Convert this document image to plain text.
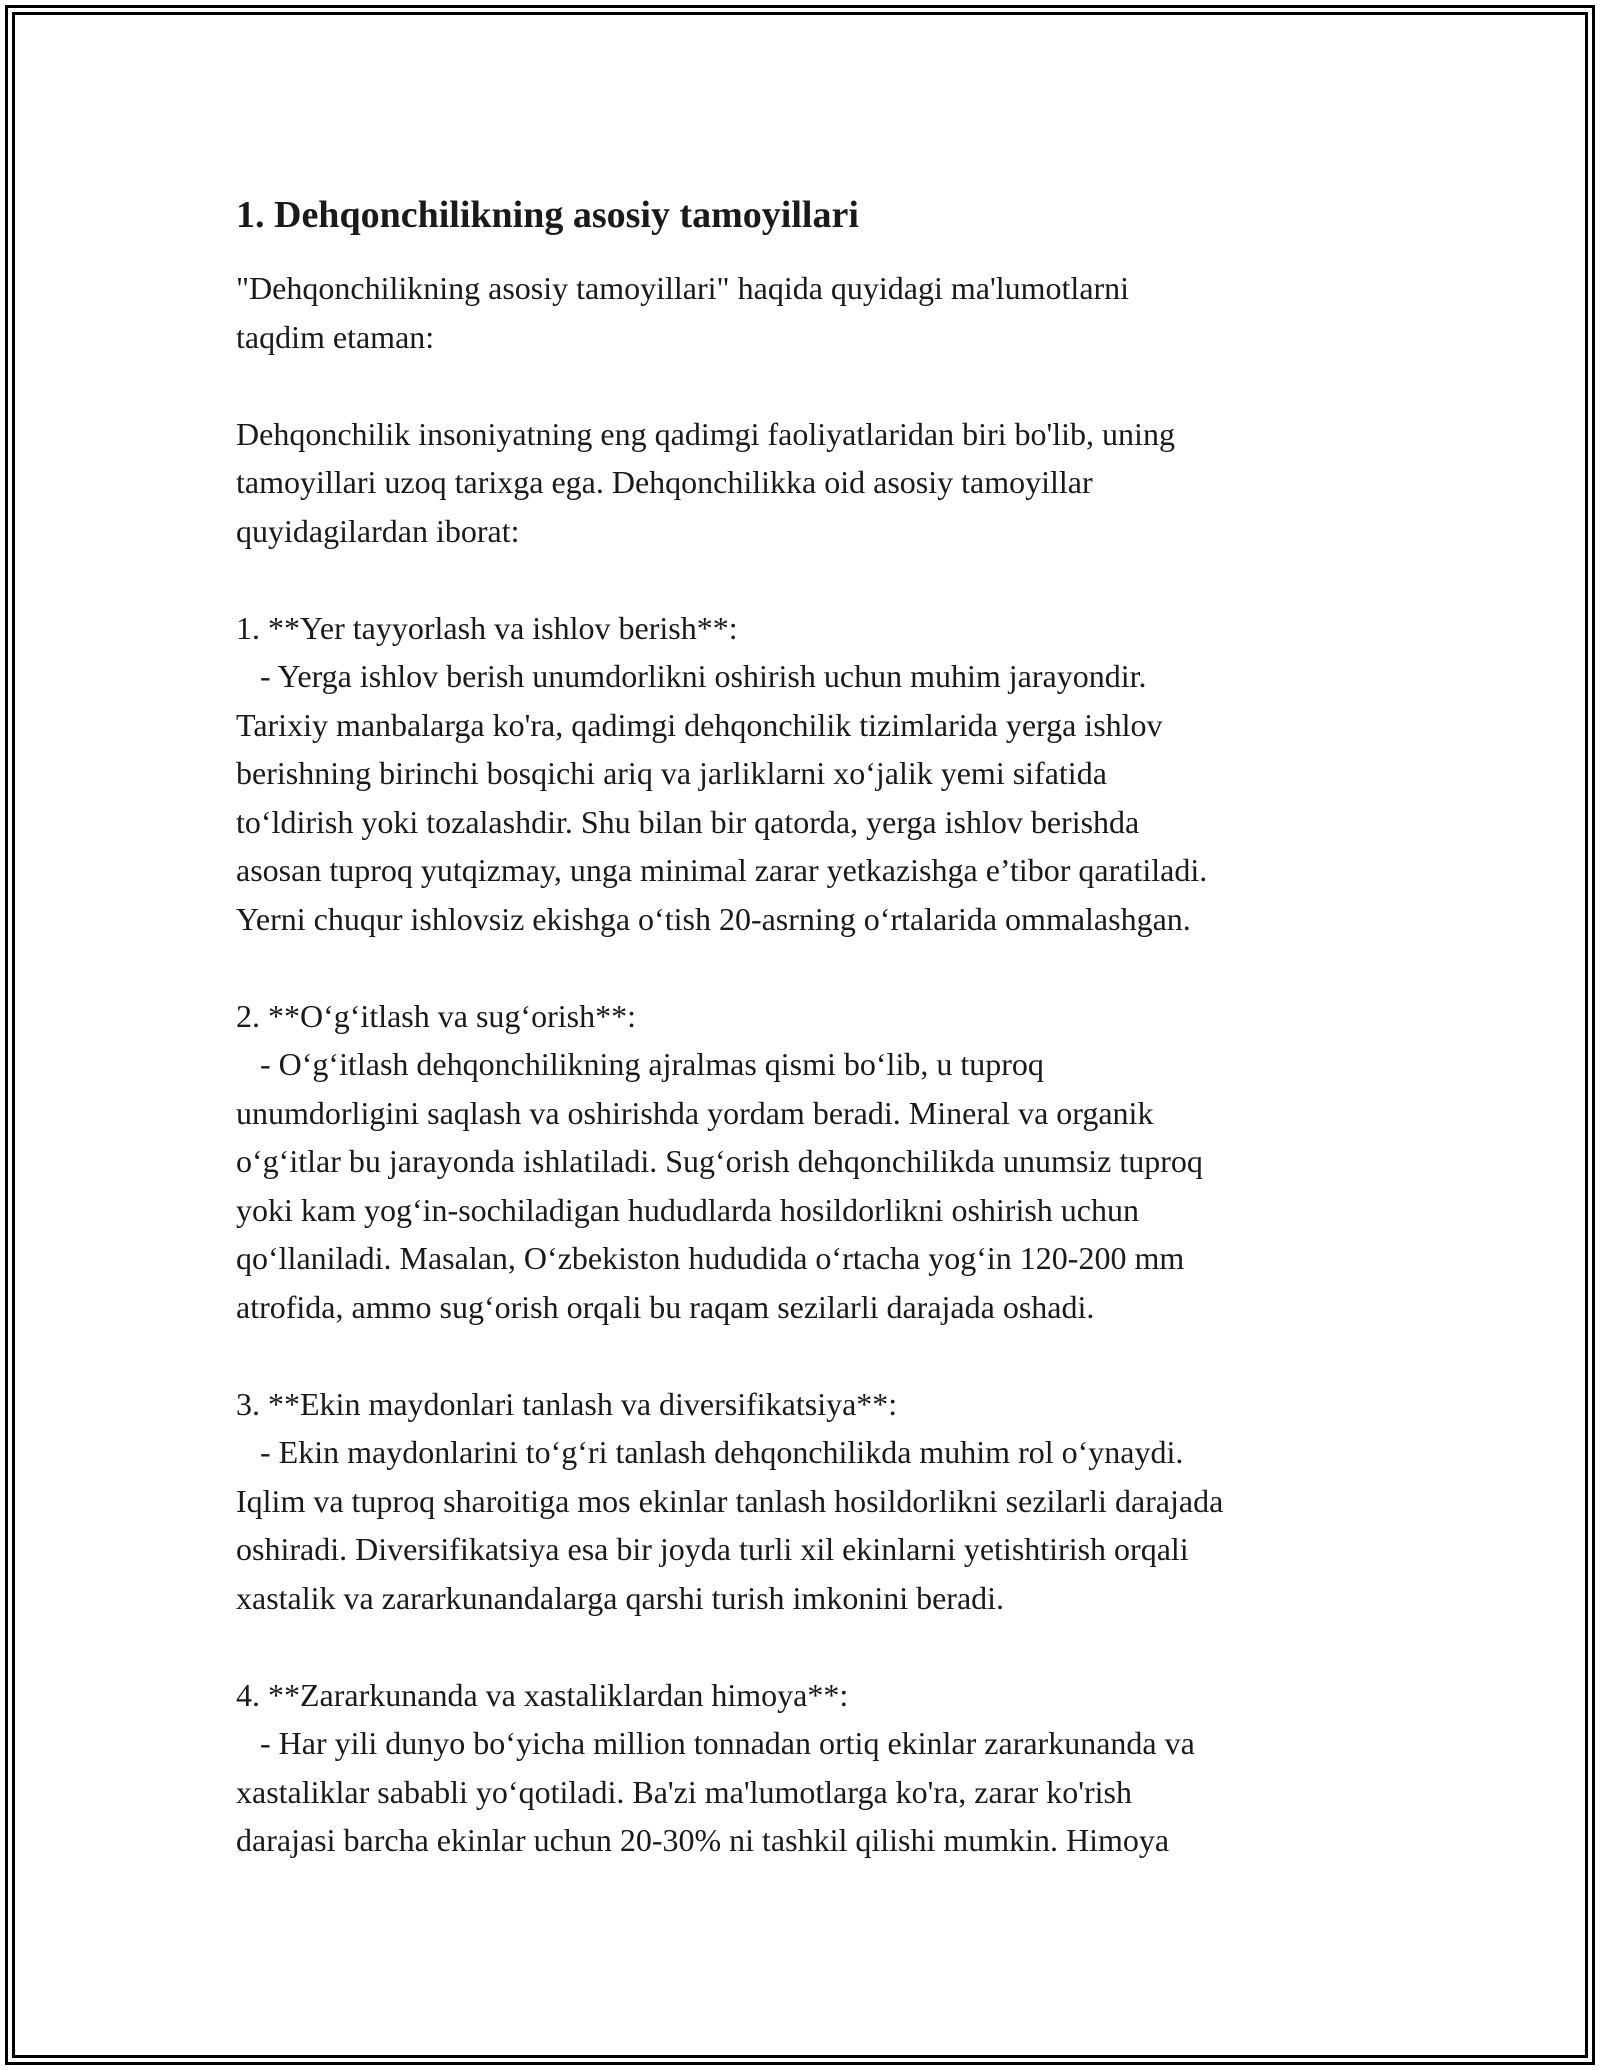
1. Dehqonchilikning asosiy tamoyillari
"Dehqonchilikning asosiy tamoyillari" haqida quyidagi ma'lumotlarni
taqdim etaman:
Dehqonchilik insoniyatning eng qadimgi faoliyatlaridan biri bo'lib, uning
tamoyillari uzoq tarixga ega. Dehqonchilikka oid asosiy tamoyillar
quyidagilardan iborat:
1. **Yer tayyorlash va ishlov berish**:
- Yerga ishlov berish unumdorlikni oshirish uchun muhim jarayondir.
Tarixiy manbalarga ko'ra, qadimgi dehqonchilik tizimlarida yerga ishlov
berishning birinchi bosqichi ariq va jarliklarni xo‘jalik yemi sifatida
to‘ldirish yoki tozalashdir. Shu bilan bir qatorda, yerga ishlov berishda
asosan tuproq yutqizmay, unga minimal zarar yetkazishga e’tibor qaratiladi.
Yerni chuqur ishlovsiz ekishga o‘tish 20-asrning o‘rtalarida ommalashgan.
2. **O‘g‘itlash va sug‘orish**:
- O‘g‘itlash dehqonchilikning ajralmas qismi bo‘lib, u tuproq
unumdorligini saqlash va oshirishda yordam beradi. Mineral va organik
o‘g‘itlar bu jarayonda ishlatiladi. Sug‘orish dehqonchilikda unumsiz tuproq
yoki kam yog‘in-sochiladigan hududlarda hosildorlikni oshirish uchun
qo‘llaniladi. Masalan, O‘zbekiston hududida o‘rtacha yog‘in 120-200 mm
atrofida, ammo sug‘orish orqali bu raqam sezilarli darajada oshadi.
3. **Ekin maydonlari tanlash va diversifikatsiya**:
- Ekin maydonlarini to‘g‘ri tanlash dehqonchilikda muhim rol o‘ynaydi.
Iqlim va tuproq sharoitiga mos ekinlar tanlash hosildorlikni sezilarli darajada
oshiradi. Diversifikatsiya esa bir joyda turli xil ekinlarni yetishtirish orqali
xastalik va zararkunandalarga qarshi turish imkonini beradi.
4. **Zararkunanda va xastaliklardan himoya**:
- Har yili dunyo bo‘yicha million tonnadan ortiq ekinlar zararkunanda va
xastaliklar sababli yo‘qotiladi. Ba'zi ma'lumotlarga ko'ra, zarar ko'rish
darajasi barcha ekinlar uchun 20-30% ni tashkil qilishi mumkin. Himoya
